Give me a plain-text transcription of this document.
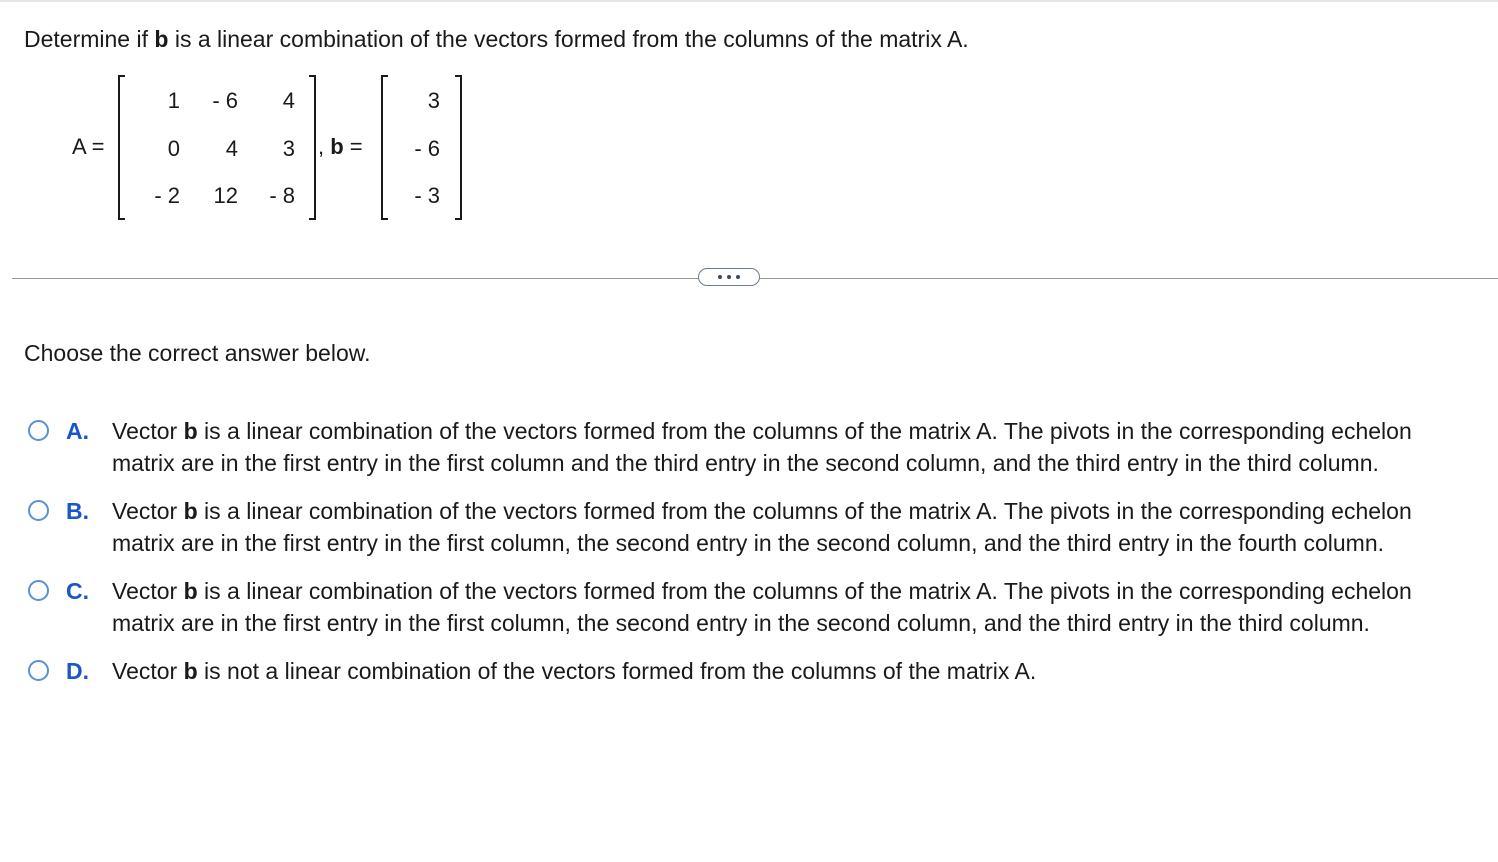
Determine if b is a linear combination of the vectors formed from the columns of the matrix A.
A =
1	- 6	4
0	4	3
- 2	12	- 8
, b =
3
- 6
- 3
Choose the correct answer below.
A.	Vector b is a linear combination of the vectors formed from the columns of the matrix A. The pivots in the corresponding echelon matrix are in the first entry in the first column and the third entry in the second column, and the third entry in the third column.
B.	Vector b is a linear combination of the vectors formed from the columns of the matrix A. The pivots in the corresponding echelon matrix are in the first entry in the first column, the second entry in the second column, and the third entry in the fourth column.
C.	Vector b is a linear combination of the vectors formed from the columns of the matrix A. The pivots in the corresponding echelon matrix are in the first entry in the first column, the second entry in the second column, and the third entry in the third column.
D.	Vector b is not a linear combination of the vectors formed from the columns of the matrix A.
